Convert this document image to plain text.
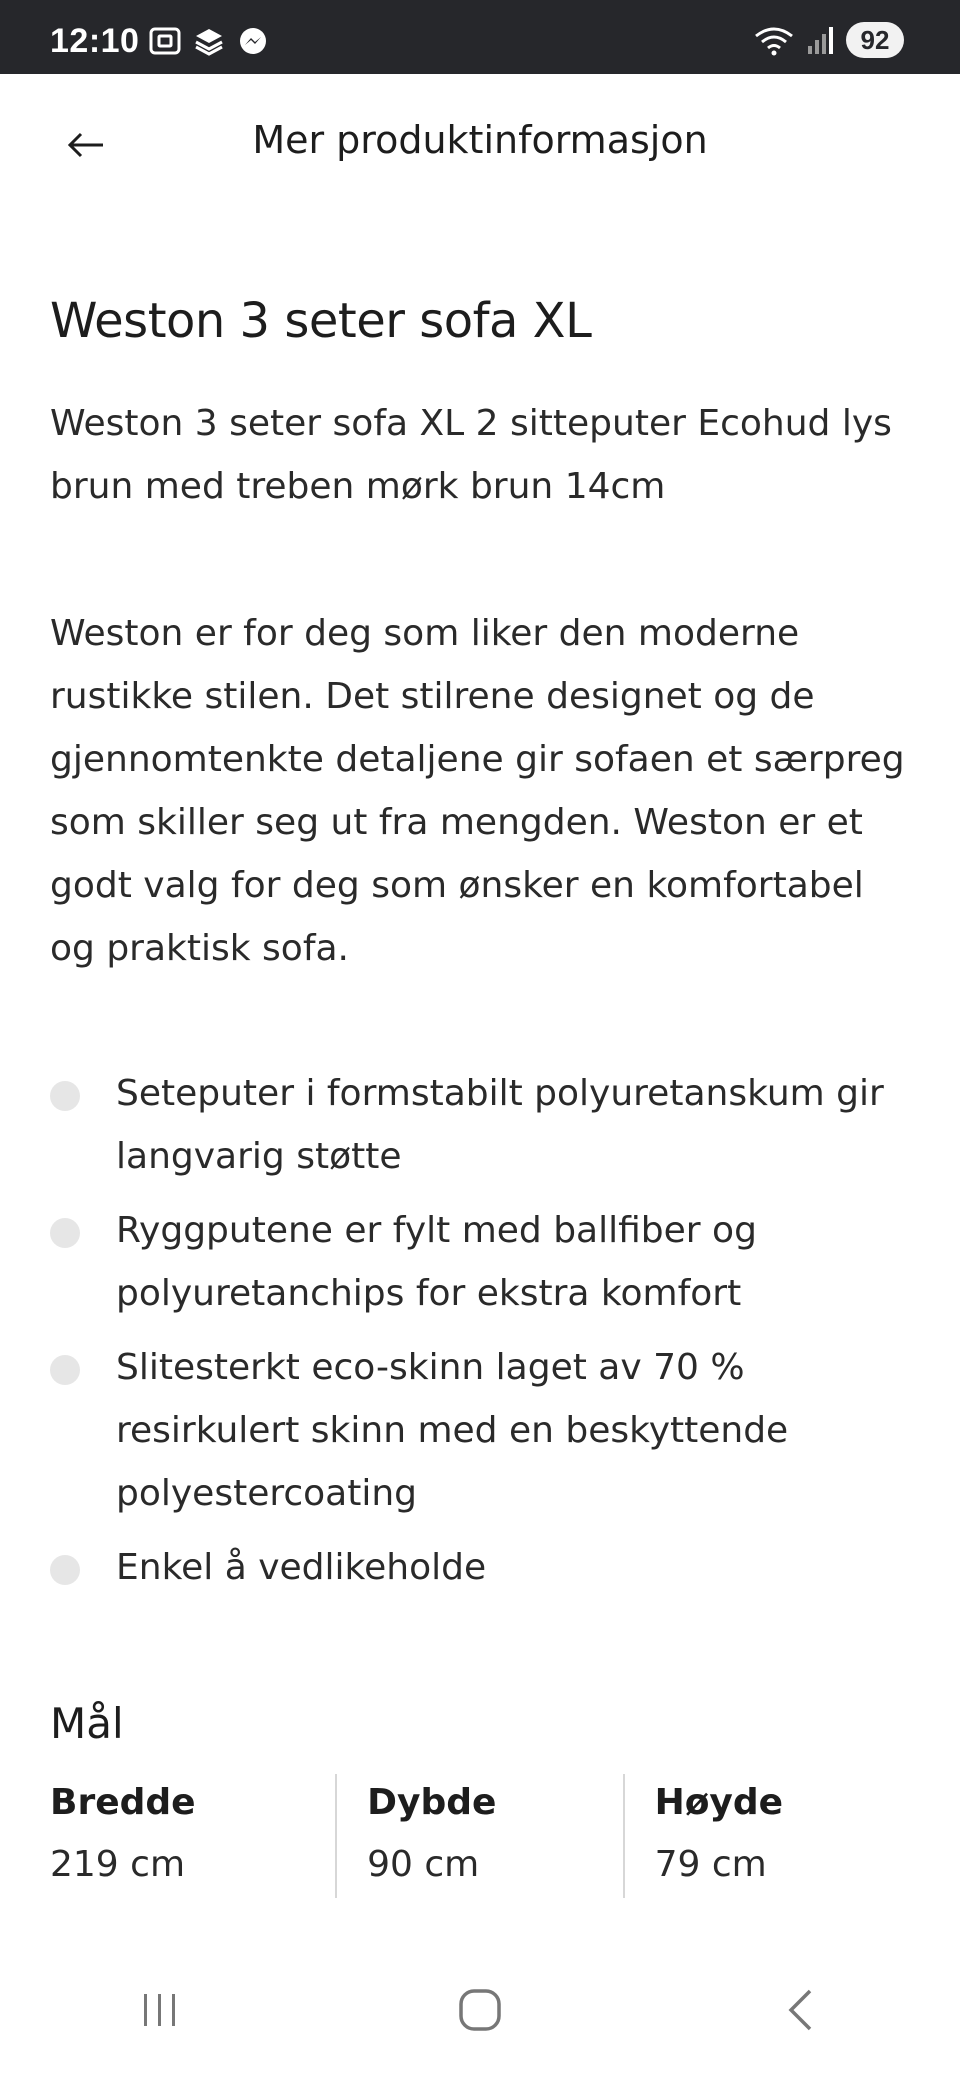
12:10	92
Mer produktinformasjon
Weston 3 seter sofa XL

Weston 3 seter sofa XL 2 sitteputer Ecohud lys brun med treben mørk brun 14cm

Weston er for deg som liker den moderne rustikke stilen. Det stilrene designet og de gjennomtenkte detaljene gir sofaen et særpreg som skiller seg ut fra mengden. Weston er et godt valg for deg som ønsker en komfortabel og praktisk sofa.

Seteputer i formstabilt polyuretanskum gir langvarig støtte
Ryggputene er fylt med ballfiber og polyuretanchips for ekstra komfort
Slitesterkt eco-skinn laget av 70 % resirkulert skinn med en beskyttende polyestercoating
Enkel å vedlikeholde
Mål
Bredde
219 cm
Dybde
90 cm
Høyde
79 cm
